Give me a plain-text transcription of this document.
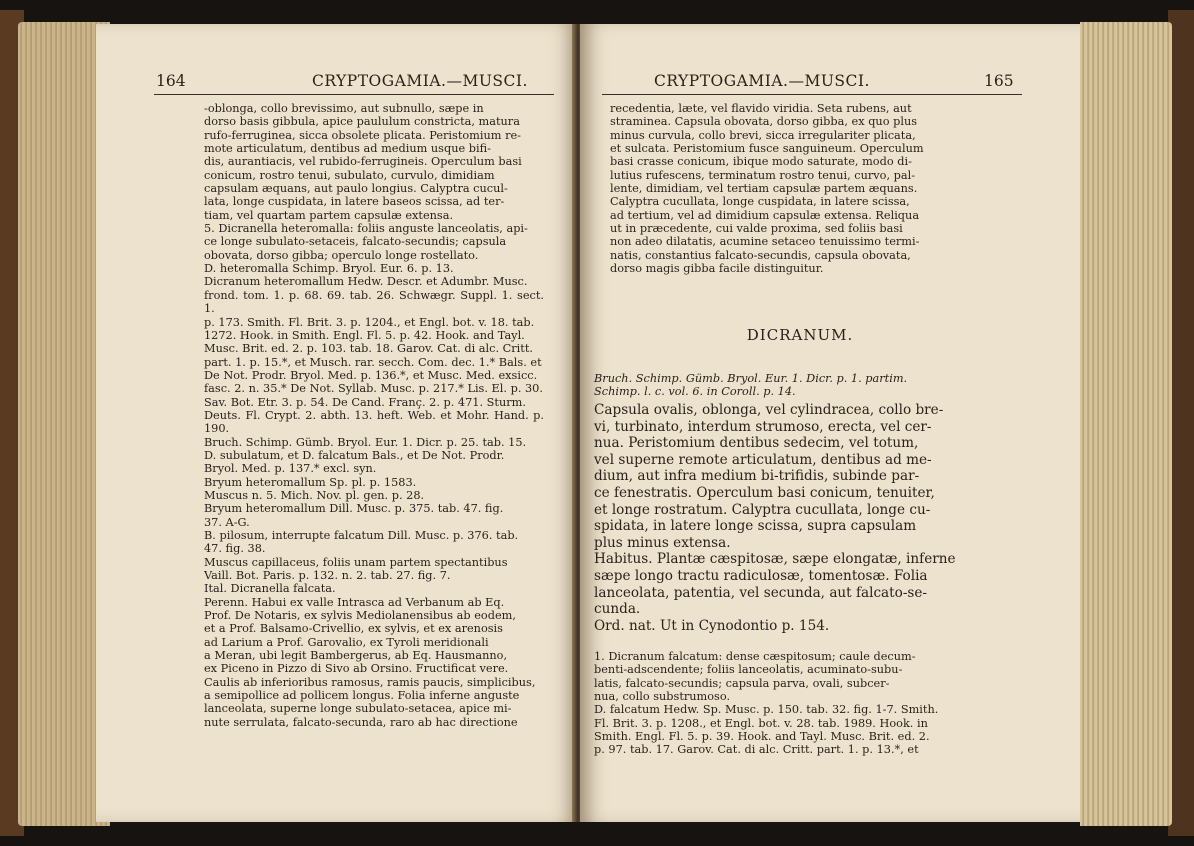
164	CRYPTOGAMIA.—MUSCI.

-oblonga, collo brevissimo, aut subnullo, sæpe in

dorso basis gibbula, apice paululum constricta, matura

rufo-ferruginea, sicca obsolete plicata. Peristomium re-

mote articulatum, dentibus ad medium usque bifi-

dis, aurantiacis, vel rubido-ferrugineis. Operculum basi

conicum, rostro tenui, subulato, curvulo, dimidiam

capsulam æquans, aut paulo longius. Calyptra cucul-

lata, longe cuspidata, in latere baseos scissa, ad ter-

tiam, vel quartam partem capsulæ extensa.

5. Dicranella heteromalla: foliis anguste lanceolatis, api-

ce longe subulato-setaceis, falcato-secundis; capsula

obovata, dorso gibba; operculo longe rostellato.

D. heteromalla Schimp. Bryol. Eur. 6. p. 13.

Dicranum heteromallum Hedw. Descr. et Adumbr. Musc.

frond. tom. 1. p. 68. 69. tab. 26. Schwægr. Suppl. 1. sect. 1.

p. 173. Smith. Fl. Brit. 3. p. 1204., et Engl. bot. v. 18. tab.

1272. Hook. in Smith. Engl. Fl. 5. p. 42. Hook. and Tayl.

Musc. Brit. ed. 2. p. 103. tab. 18. Garov. Cat. di alc. Critt.

part. 1. p. 15.*, et Musch. rar. secch. Com. dec. 1.* Bals. et

De Not. Prodr. Bryol. Med. p. 136.*, et Musc. Med. exsicc.

fasc. 2. n. 35.* De Not. Syllab. Musc. p. 217.* Lis. El. p. 30.

Sav. Bot. Etr. 3. p. 54. De Cand. Franç. 2. p. 471. Sturm.

Deuts. Fl. Crypt. 2. abth. 13. heft. Web. et Mohr. Hand. p. 190.

Bruch. Schimp. Gümb. Bryol. Eur. 1. Dicr. p. 25. tab. 15.

D. subulatum, et D. falcatum Bals., et De Not. Prodr.

Bryol. Med. p. 137.* excl. syn.

Bryum heteromallum Sp. pl. p. 1583.

Muscus n. 5. Mich. Nov. pl. gen. p. 28.

Bryum heteromallum Dill. Musc. p. 375. tab. 47. fig.

37. A-G.

B. pilosum, interrupte falcatum Dill. Musc. p. 376. tab.

47. fig. 38.

Muscus capillaceus, foliis unam partem spectantibus

Vaill. Bot. Paris. p. 132. n. 2. tab. 27. fig. 7.

Ital. Dicranella falcata.

Perenn. Habui ex valle Intrasca ad Verbanum ab Eq.

Prof. De Notaris, ex sylvis Mediolanensibus ab eodem,

et a Prof. Balsamo-Crivellio, ex sylvis, et ex arenosis

ad Larium a Prof. Garovalio, ex Tyroli meridionali

a Meran, ubi legit Bambergerus, ab Eq. Hausmanno,

ex Piceno in Pizzo di Sivo ab Orsino. Fructificat vere.

Caulis ab inferioribus ramosus, ramis paucis, simplicibus,

a semipollice ad pollicem longus. Folia inferne anguste

lanceolata, superne longe subulato-setacea, apice mi-

nute serrulata, falcato-secunda, raro ab hac directione

CRYPTOGAMIA.—MUSCI.	165

recedentia, læte, vel flavido viridia. Seta rubens, aut

straminea. Capsula obovata, dorso gibba, ex quo plus

minus curvula, collo brevi, sicca irregulariter plicata,

et sulcata. Peristomium fusce sanguineum. Operculum

basi crasse conicum, ibique modo saturate, modo di-

lutius rufescens, terminatum rostro tenui, curvo, pal-

lente, dimidiam, vel tertiam capsulæ partem æquans.

Calyptra cucullata, longe cuspidata, in latere scissa,

ad tertium, vel ad dimidium capsulæ extensa. Reliqua

ut in præcedente, cui valde proxima, sed foliis basi

non adeo dilatatis, acumine setaceo tenuissimo termi-

natis, constantius falcato-secundis, capsula obovata,

dorso magis gibba facile distinguitur.

DICRANUM.

Bruch. Schimp. Gümb. Bryol. Eur. 1. Dicr. p. 1. partim.

Schimp. l. c. vol. 6. in Coroll. p. 14.

Capsula ovalis, oblonga, vel cylindracea, collo bre-

vi, turbinato, interdum strumoso, erecta, vel cer-

nua. Peristomium dentibus sedecim, vel totum,

vel superne remote articulatum, dentibus ad me-

dium, aut infra medium bi-trifidis, subinde par-

ce fenestratis. Operculum basi conicum, tenuiter,

et longe rostratum. Calyptra cucullata, longe cu-

spidata, in latere longe scissa, supra capsulam

plus minus extensa.

Habitus. Plantæ cæspitosæ, sæpe elongatæ, inferne

sæpe longo tractu radiculosæ, tomentosæ. Folia

lanceolata, patentia, vel secunda, aut falcato-se-

cunda.

Ord. nat. Ut in Cynodontio p. 154.

1. Dicranum falcatum: dense cæspitosum; caule decum-

benti-adscendente; foliis lanceolatis, acuminato-subu-

latis, falcato-secundis; capsula parva, ovali, subcer-

nua, collo substrumoso.

D. falcatum Hedw. Sp. Musc. p. 150. tab. 32. fig. 1-7. Smith.

Fl. Brit. 3. p. 1208., et Engl. bot. v. 28. tab. 1989. Hook. in

Smith. Engl. Fl. 5. p. 39. Hook. and Tayl. Musc. Brit. ed. 2.

p. 97. tab. 17. Garov. Cat. di alc. Critt. part. 1. p. 13.*, et
